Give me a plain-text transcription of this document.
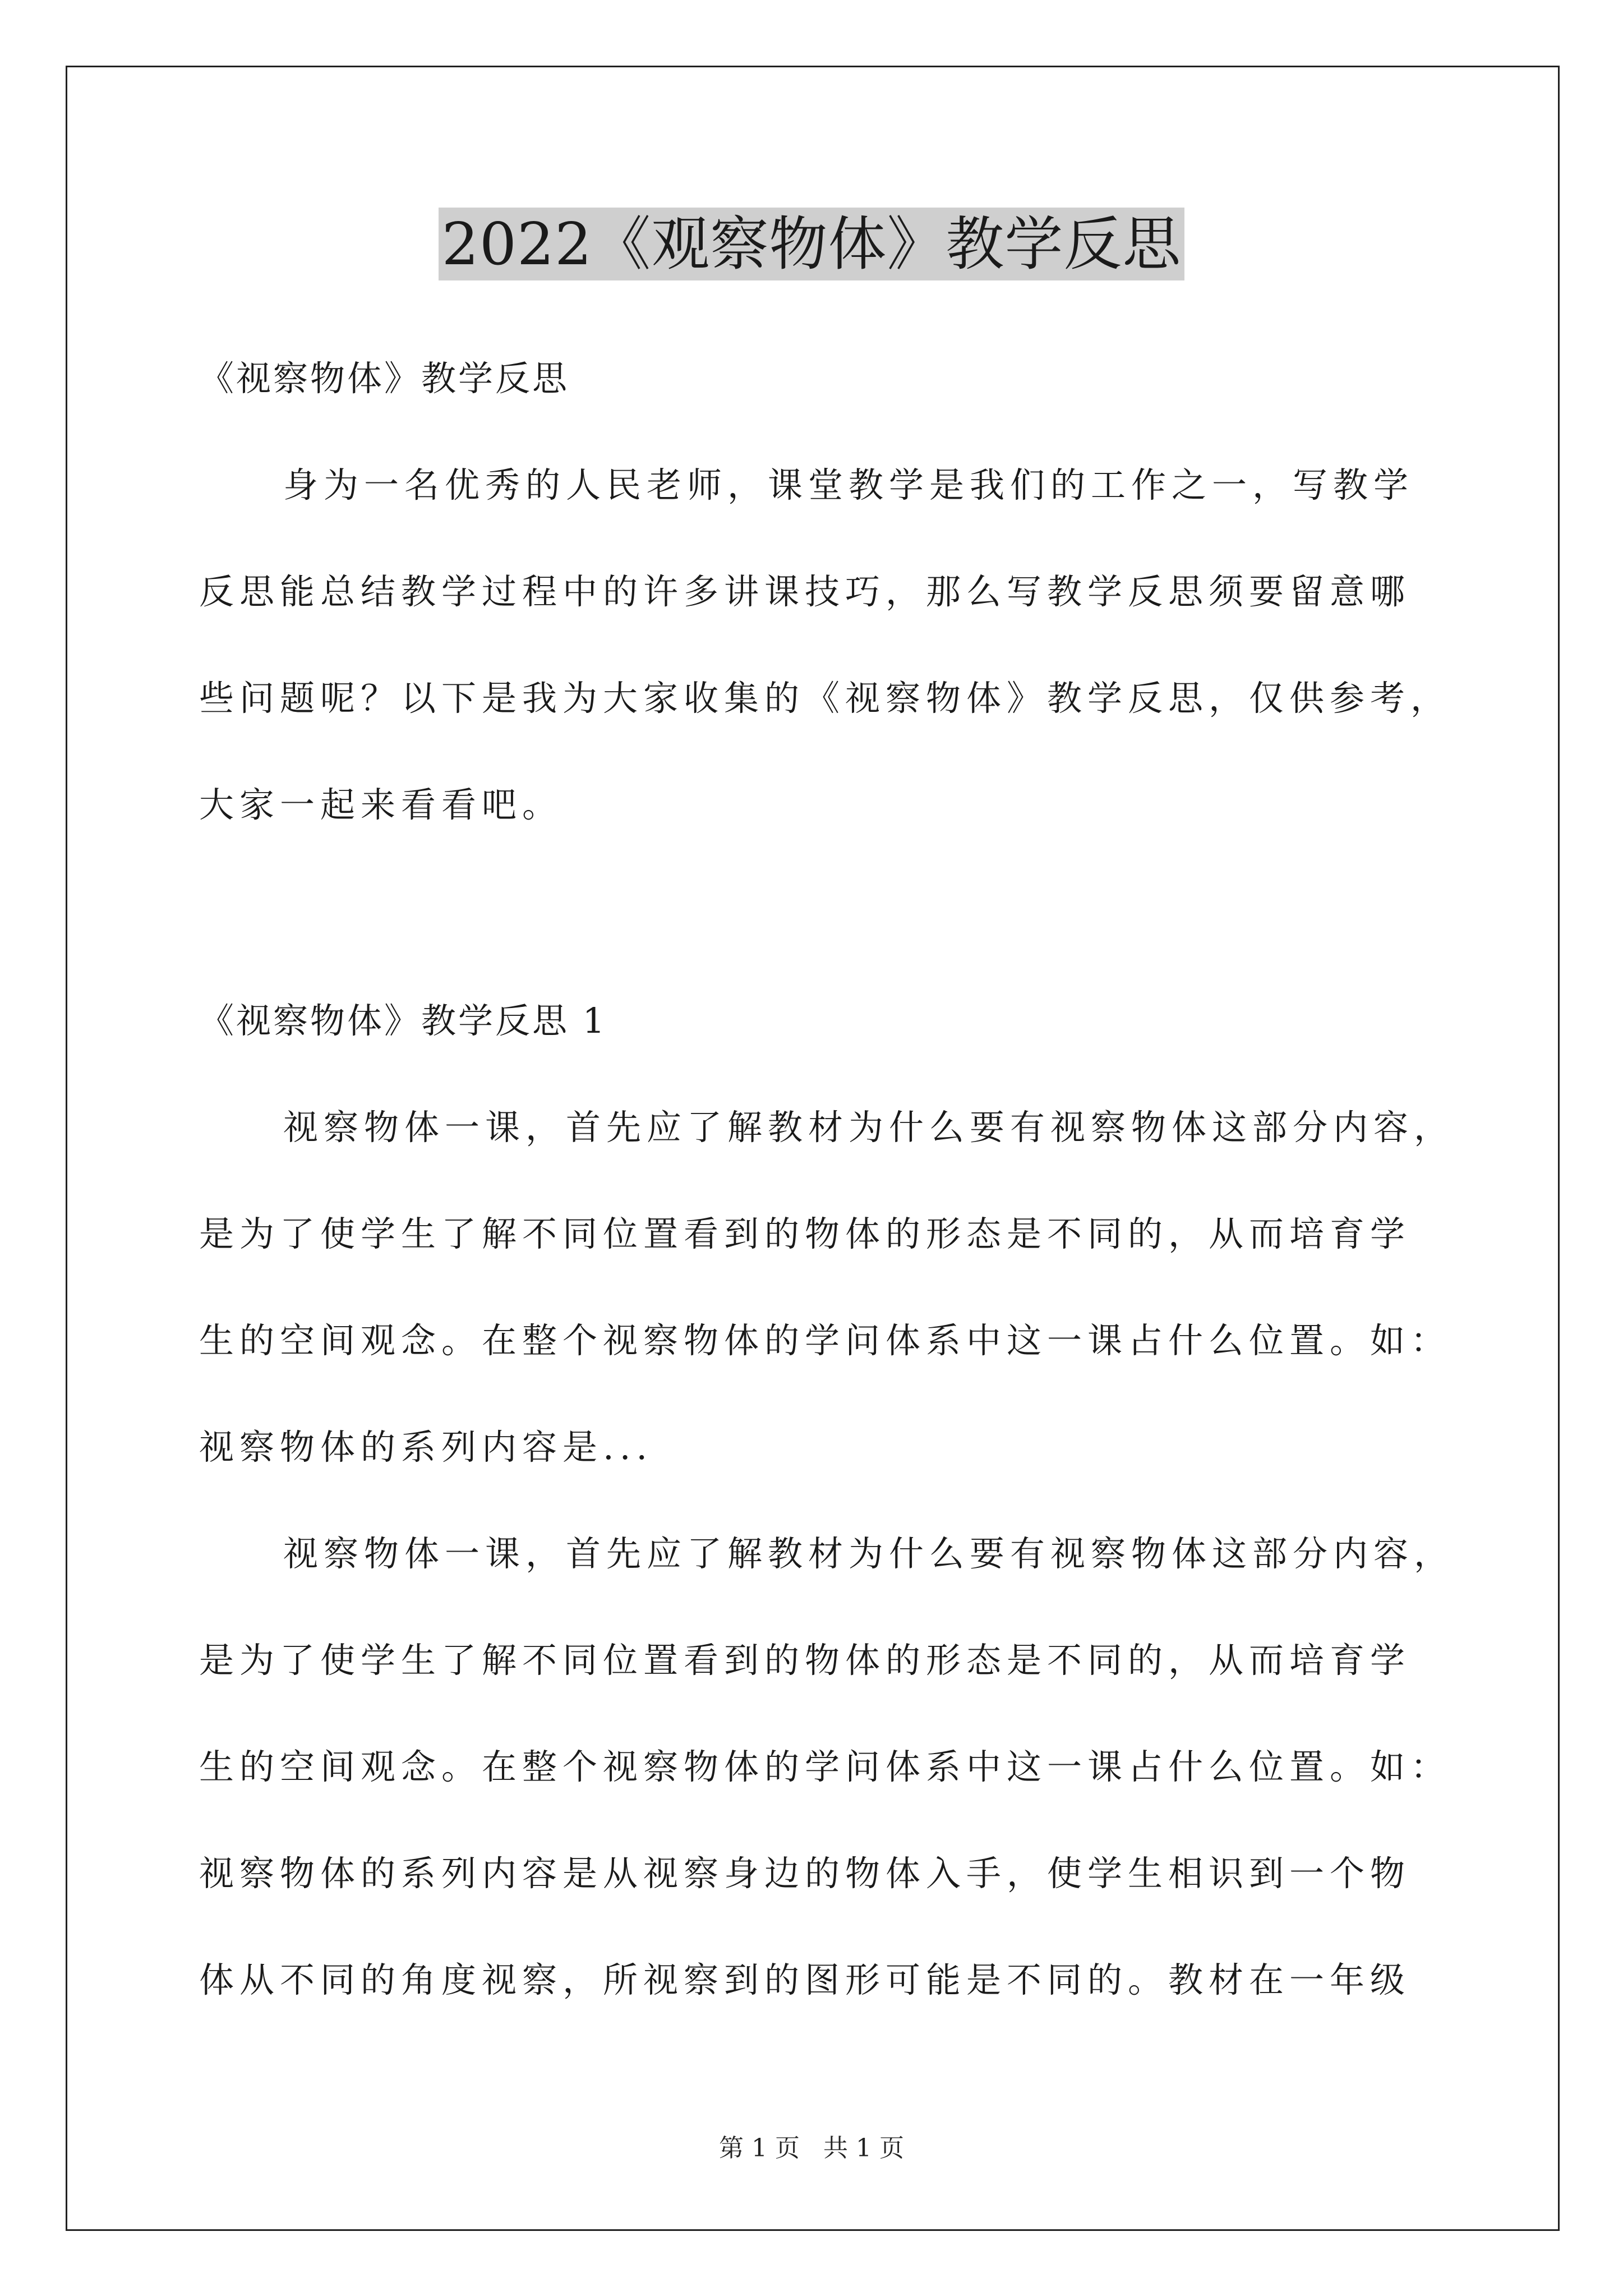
2022《观察物体》教学反思
《视察物体》教学反思
身为一名优秀的人民老师，课堂教学是我们的工作之一，写教学
反思能总结教学过程中的许多讲课技巧，那么写教学反思须要留意哪
些问题呢？以下是我为大家收集的《视察物体》教学反思，仅供参考，
大家一起来看看吧。
《视察物体》教学反思 1
视察物体一课，首先应了解教材为什么要有视察物体这部分内容，
是为了使学生了解不同位置看到的物体的形态是不同的，从而培育学
生的空间观念。在整个视察物体的学问体系中这一课占什么位置。如：
视察物体的系列内容是...
视察物体一课，首先应了解教材为什么要有视察物体这部分内容，
是为了使学生了解不同位置看到的物体的形态是不同的，从而培育学
生的空间观念。在整个视察物体的学问体系中这一课占什么位置。如：
视察物体的系列内容是从视察身边的物体入手，使学生相识到一个物
体从不同的角度视察，所视察到的图形可能是不同的。教材在一年级
第 1 页 共 1 页
